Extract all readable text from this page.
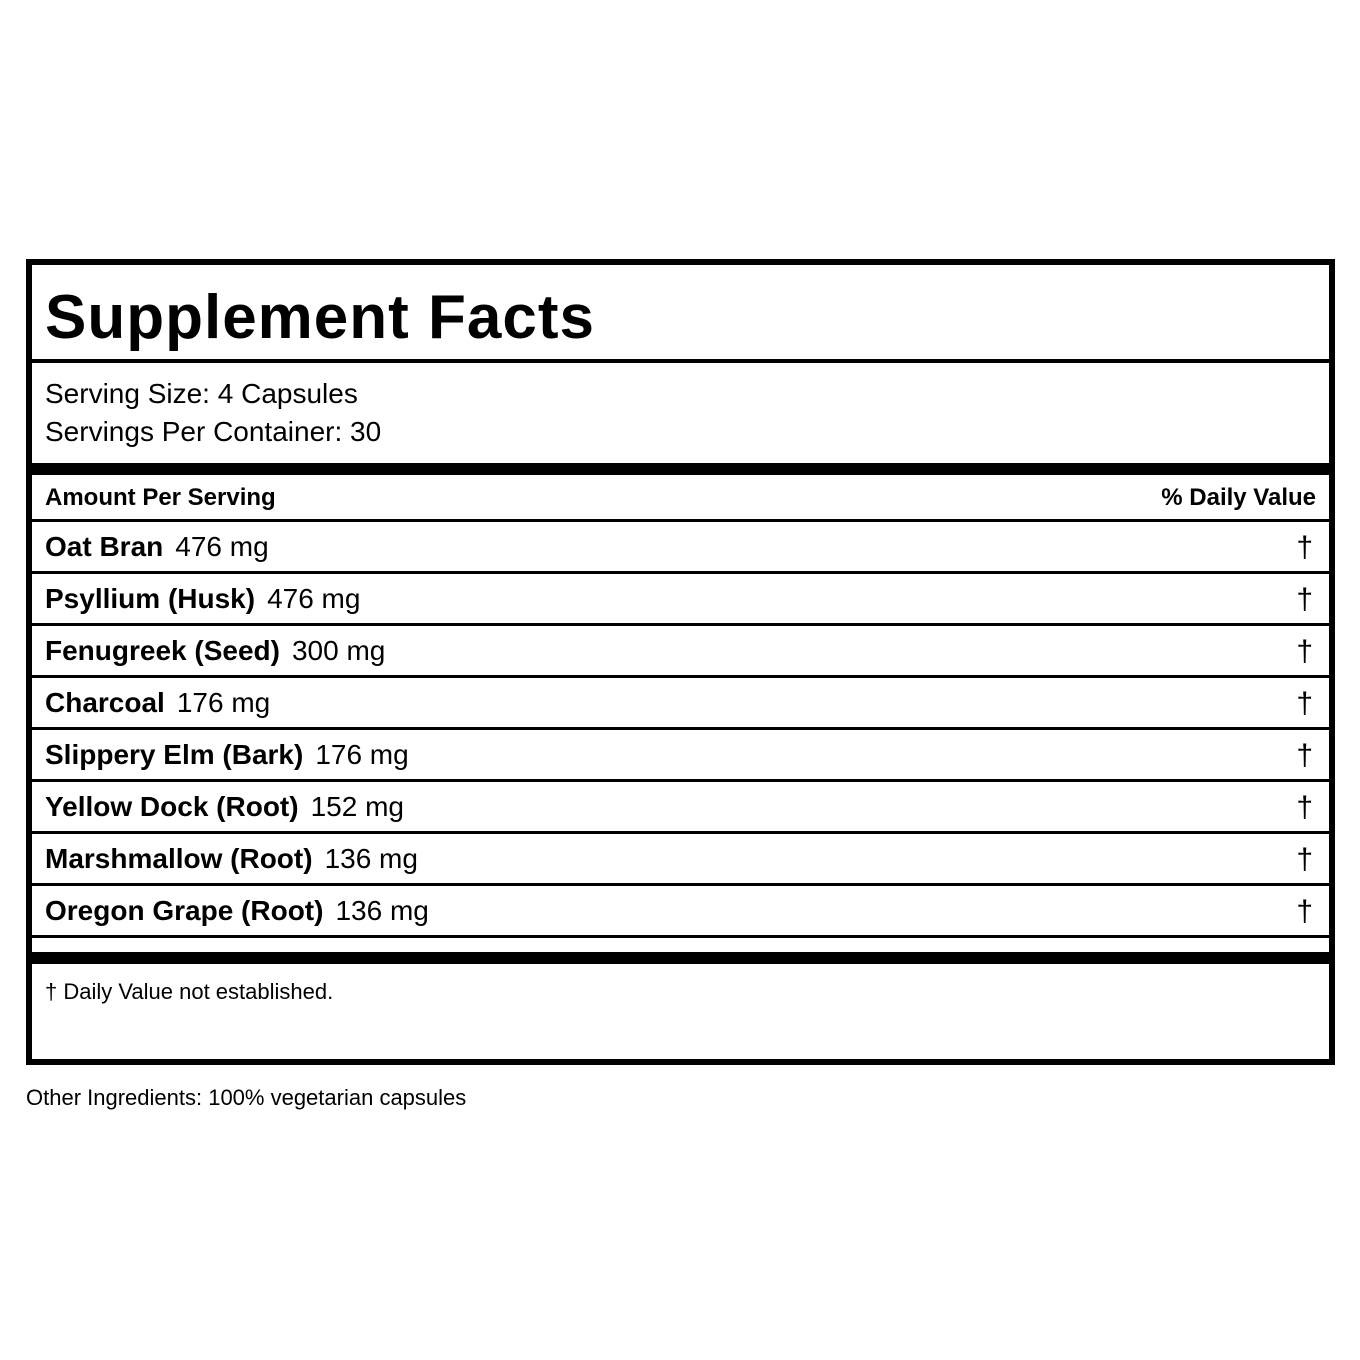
Supplement Facts
Serving Size: 4 Capsules
Servings Per Container: 30
Amount Per Serving	% Daily Value
Oat Bran 476 mg	†
Psyllium (Husk) 476 mg	†
Fenugreek (Seed) 300 mg	†
Charcoal 176 mg	†
Slippery Elm (Bark) 176 mg	†
Yellow Dock (Root) 152 mg	†
Marshmallow (Root) 136 mg	†
Oregon Grape (Root) 136 mg	†
† Daily Value not established.
Other Ingredients: 100% vegetarian capsules
